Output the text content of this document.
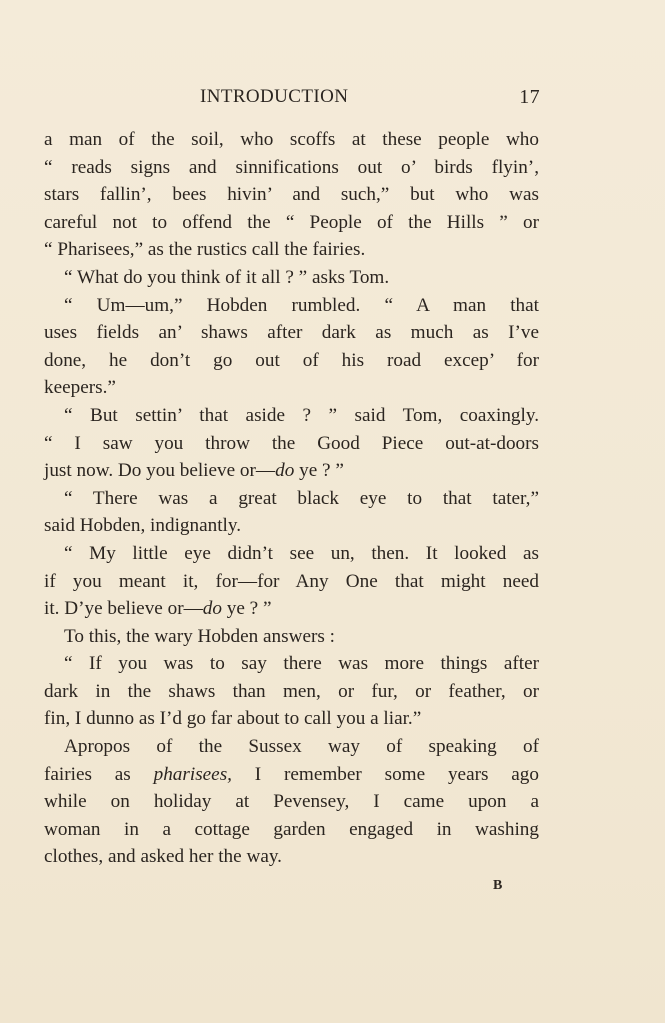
INTRODUCTION	17
a man of the soil, who scoffs at these people who
“ reads signs and sinnifications out o’ birds flyin’,
stars fallin’, bees hivin’ and such,” but who was
careful not to offend the “ People of the Hills ” or
“ Pharisees,” as the rustics call the fairies.
“ What do you think of it all ? ” asks Tom.
“ Um—um,” Hobden rumbled. “ A man that
uses fields an’ shaws after dark as much as I’ve
done, he don’t go out of his road excep’ for
keepers.”
“ But settin’ that aside ? ” said Tom, coaxingly.
“ I saw you throw the Good Piece out-at-doors
just now. Do you believe or—do ye ? ”
“ There was a great black eye to that tater,”
said Hobden, indignantly.
“ My little eye didn’t see un, then. It looked as
if you meant it, for—for Any One that might need
it. D’ye believe or—do ye ? ”
To this, the wary Hobden answers :
“ If you was to say there was more things after
dark in the shaws than men, or fur, or feather, or
fin, I dunno as I’d go far about to call you a liar.”
Apropos of the Sussex way of speaking of
fairies as pharisees, I remember some years ago
while on holiday at Pevensey, I came upon a
woman in a cottage garden engaged in washing
clothes, and asked her the way.
B
